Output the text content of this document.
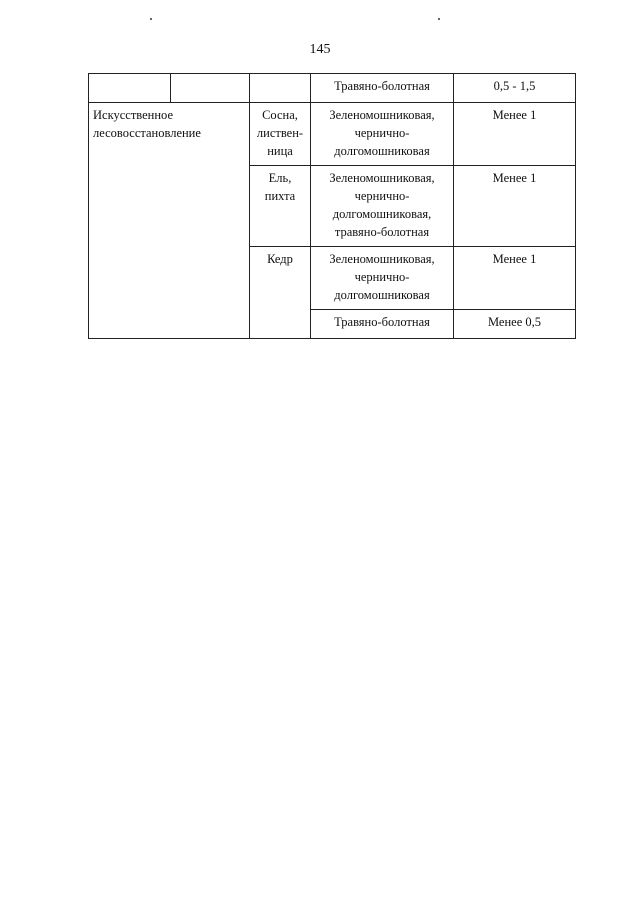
145
			Травяно-болотная	0,5 - 1,5
Искусственное лесовосстановление		Сосна, листвен-ница	Зеленомошниковая, чернично-долгомошниковая	Менее 1
		Ель, пихта	Зеленомошниковая, чернично-долгомошниковая, травяно-болотная	Менее 1
		Кедр	Зеленомошниковая, чернично-долгомошниковая	Менее 1
			Травяно-болотная	Менее 0,5
